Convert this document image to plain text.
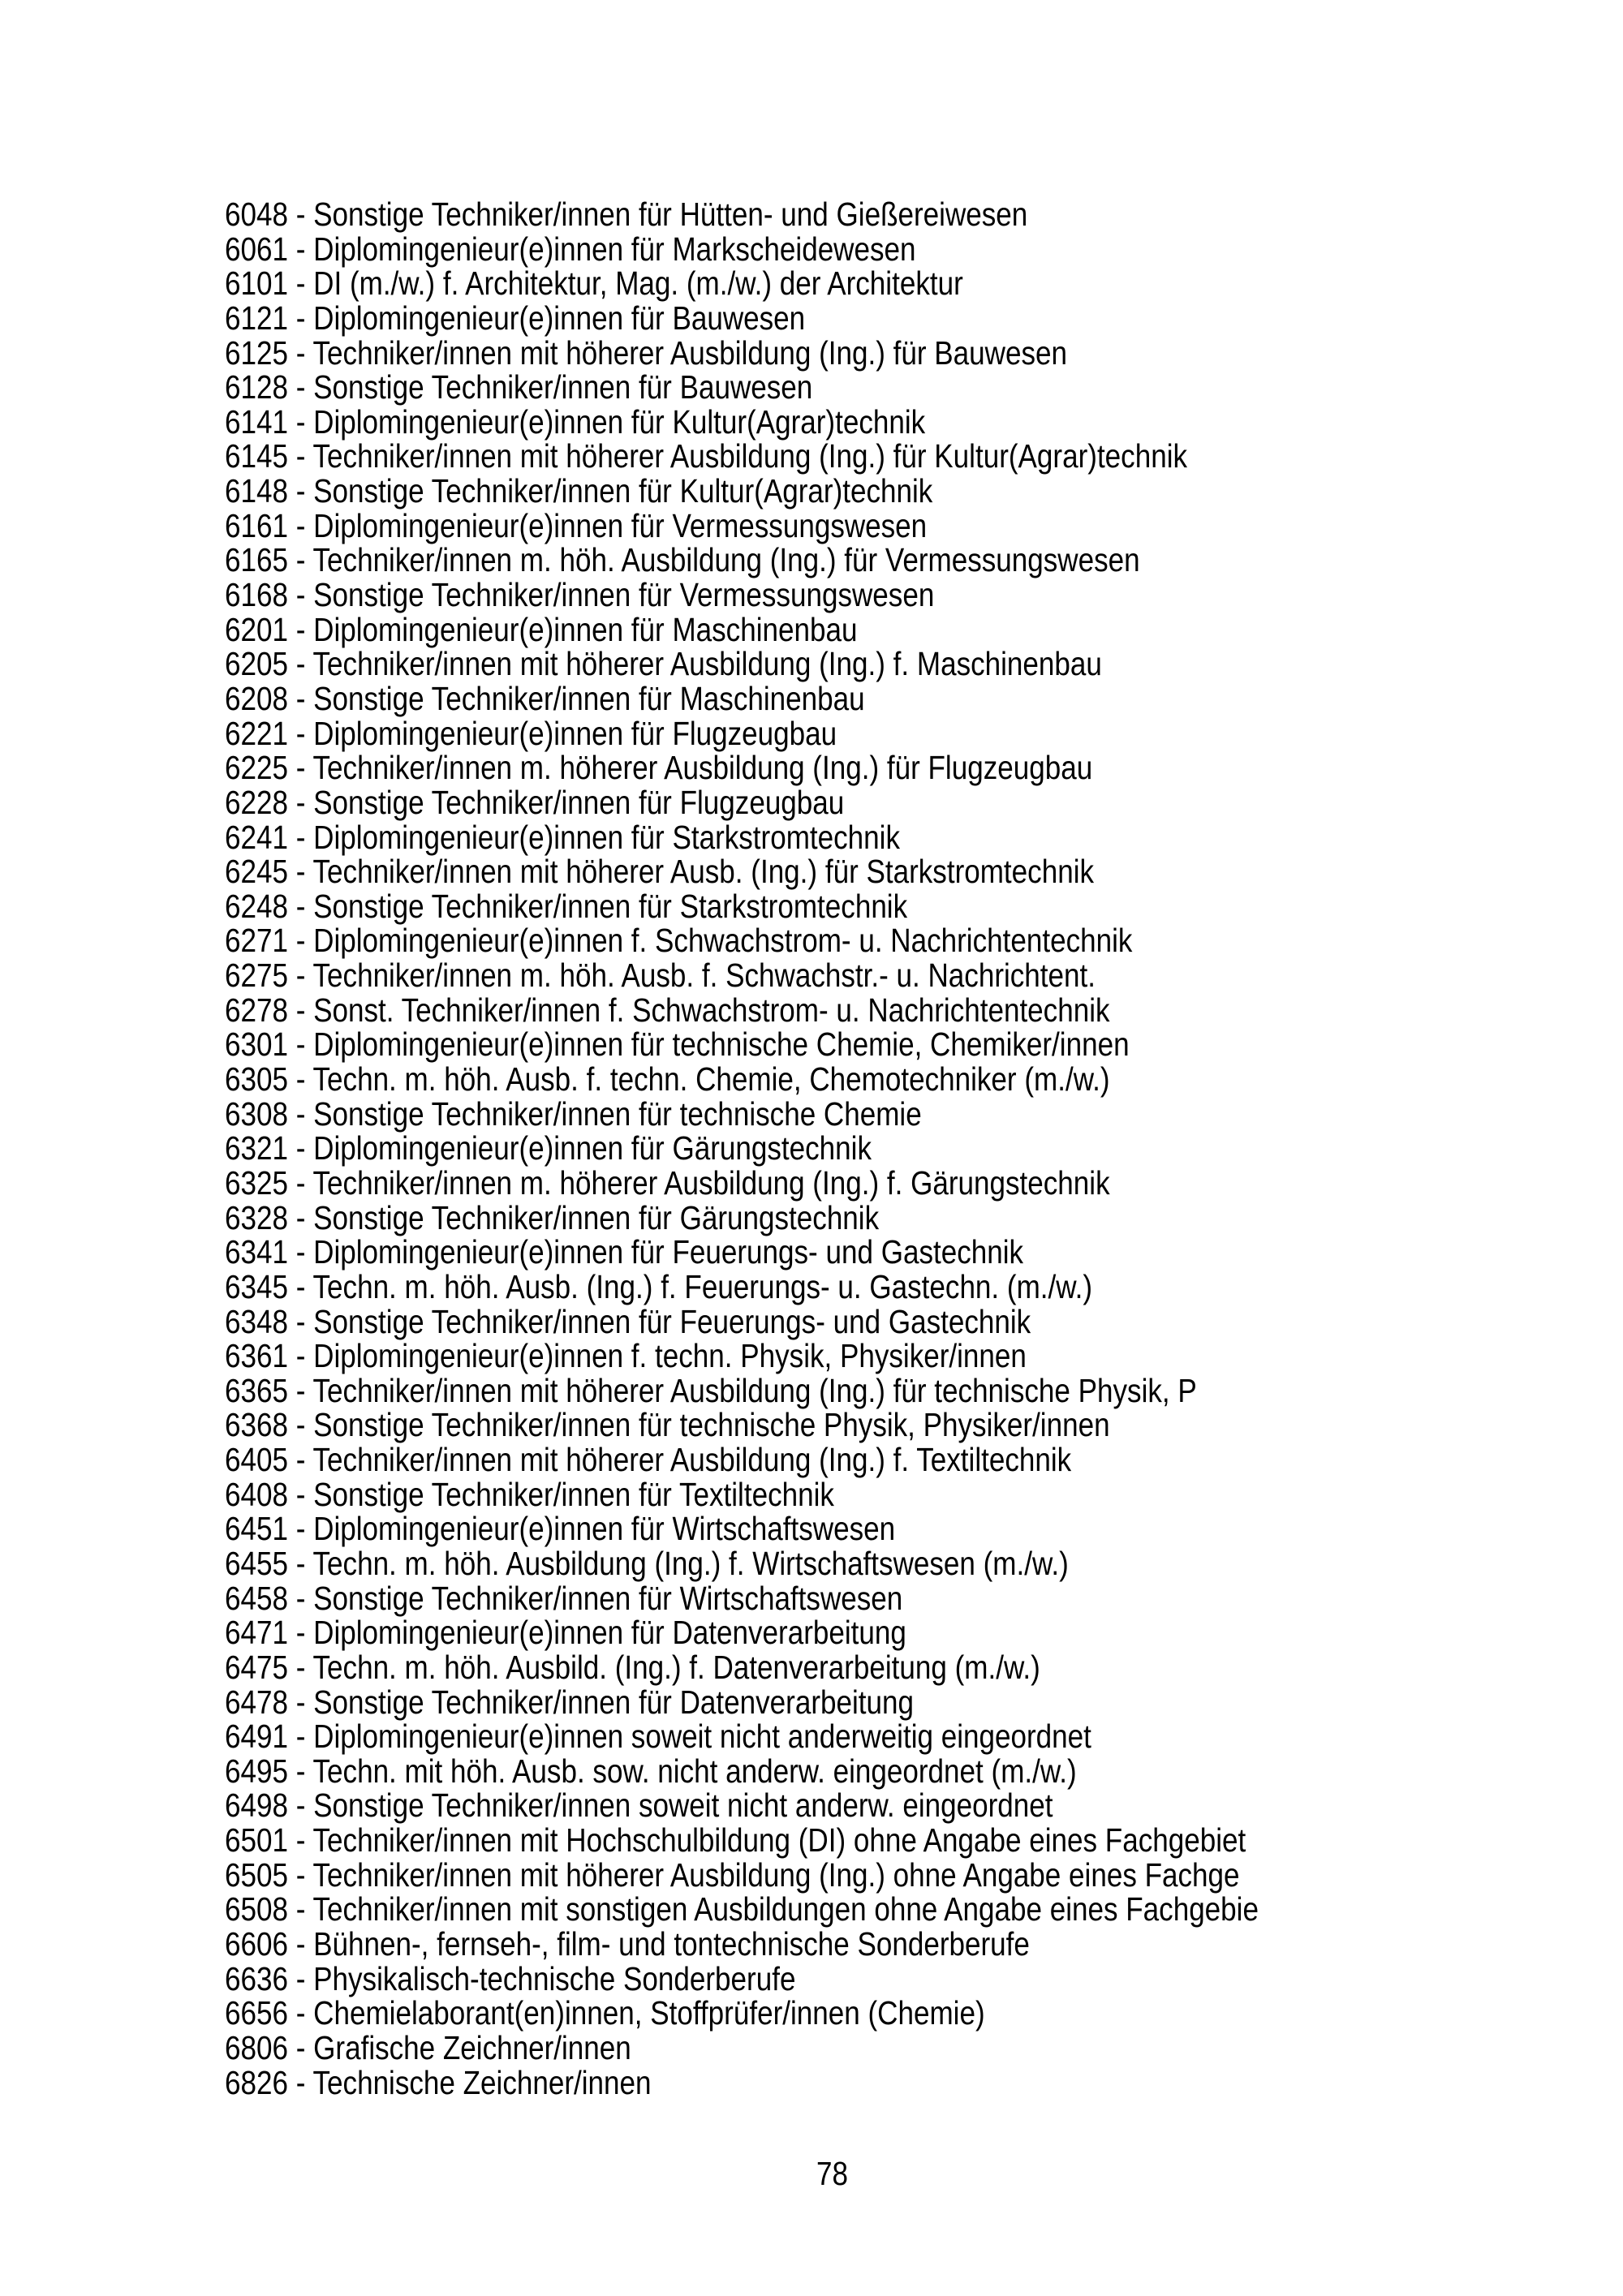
6048 - Sonstige Techniker/innen für Hütten- und Gießereiwesen
6061 - Diplomingenieur(e)innen für Markscheidewesen
6101 - DI (m./w.) f. Architektur, Mag. (m./w.) der Architektur
6121 - Diplomingenieur(e)innen für Bauwesen
6125 - Techniker/innen mit höherer Ausbildung (Ing.) für Bauwesen
6128 - Sonstige Techniker/innen für Bauwesen
6141 - Diplomingenieur(e)innen für Kultur(Agrar)technik
6145 - Techniker/innen mit höherer Ausbildung (Ing.) für Kultur(Agrar)technik
6148 - Sonstige Techniker/innen für Kultur(Agrar)technik
6161 - Diplomingenieur(e)innen für Vermessungswesen
6165 - Techniker/innen m. höh. Ausbildung (Ing.) für Vermessungswesen
6168 - Sonstige Techniker/innen für Vermessungswesen
6201 - Diplomingenieur(e)innen für Maschinenbau
6205 - Techniker/innen mit höherer Ausbildung (Ing.) f. Maschinenbau
6208 - Sonstige Techniker/innen für Maschinenbau
6221 - Diplomingenieur(e)innen für Flugzeugbau
6225 - Techniker/innen m. höherer Ausbildung (Ing.) für Flugzeugbau
6228 - Sonstige Techniker/innen für Flugzeugbau
6241 - Diplomingenieur(e)innen für Starkstromtechnik
6245 - Techniker/innen mit höherer Ausb. (Ing.) für Starkstromtechnik
6248 - Sonstige Techniker/innen für Starkstromtechnik
6271 - Diplomingenieur(e)innen f. Schwachstrom- u. Nachrichtentechnik
6275 - Techniker/innen m. höh. Ausb. f. Schwachstr.- u. Nachrichtent.
6278 - Sonst. Techniker/innen f. Schwachstrom- u. Nachrichtentechnik
6301 - Diplomingenieur(e)innen für technische Chemie, Chemiker/innen
6305 - Techn. m. höh. Ausb. f. techn. Chemie, Chemotechniker (m./w.)
6308 - Sonstige Techniker/innen für technische Chemie
6321 - Diplomingenieur(e)innen für Gärungstechnik
6325 - Techniker/innen m. höherer Ausbildung (Ing.) f. Gärungstechnik
6328 - Sonstige Techniker/innen für Gärungstechnik
6341 - Diplomingenieur(e)innen für Feuerungs- und Gastechnik
6345 - Techn. m. höh. Ausb. (Ing.) f. Feuerungs- u. Gastechn. (m./w.)
6348 - Sonstige Techniker/innen für Feuerungs- und Gastechnik
6361 - Diplomingenieur(e)innen f. techn. Physik, Physiker/innen
6365 - Techniker/innen mit höherer Ausbildung (Ing.) für technische Physik, P
6368 - Sonstige Techniker/innen für technische Physik, Physiker/innen
6405 - Techniker/innen mit höherer Ausbildung (Ing.) f. Textiltechnik
6408 - Sonstige Techniker/innen für Textiltechnik
6451 - Diplomingenieur(e)innen für Wirtschaftswesen
6455 - Techn. m. höh. Ausbildung (Ing.) f. Wirtschaftswesen (m./w.)
6458 - Sonstige Techniker/innen für Wirtschaftswesen
6471 - Diplomingenieur(e)innen für Datenverarbeitung
6475 - Techn. m. höh. Ausbild. (Ing.) f. Datenverarbeitung (m./w.)
6478 - Sonstige Techniker/innen für Datenverarbeitung
6491 - Diplomingenieur(e)innen soweit nicht anderweitig eingeordnet
6495 - Techn. mit höh. Ausb. sow. nicht anderw. eingeordnet (m./w.)
6498 - Sonstige Techniker/innen soweit nicht anderw. eingeordnet
6501 - Techniker/innen mit Hochschulbildung (DI) ohne Angabe eines Fachgebiet
6505 - Techniker/innen mit höherer Ausbildung (Ing.) ohne Angabe eines Fachge
6508 - Techniker/innen mit sonstigen Ausbildungen ohne Angabe eines Fachgebie
6606 - Bühnen-, fernseh-, film- und tontechnische Sonderberufe
6636 - Physikalisch-technische Sonderberufe
6656 - Chemielaborant(en)innen, Stoffprüfer/innen (Chemie)
6806 - Grafische Zeichner/innen
6826 - Technische Zeichner/innen
78
